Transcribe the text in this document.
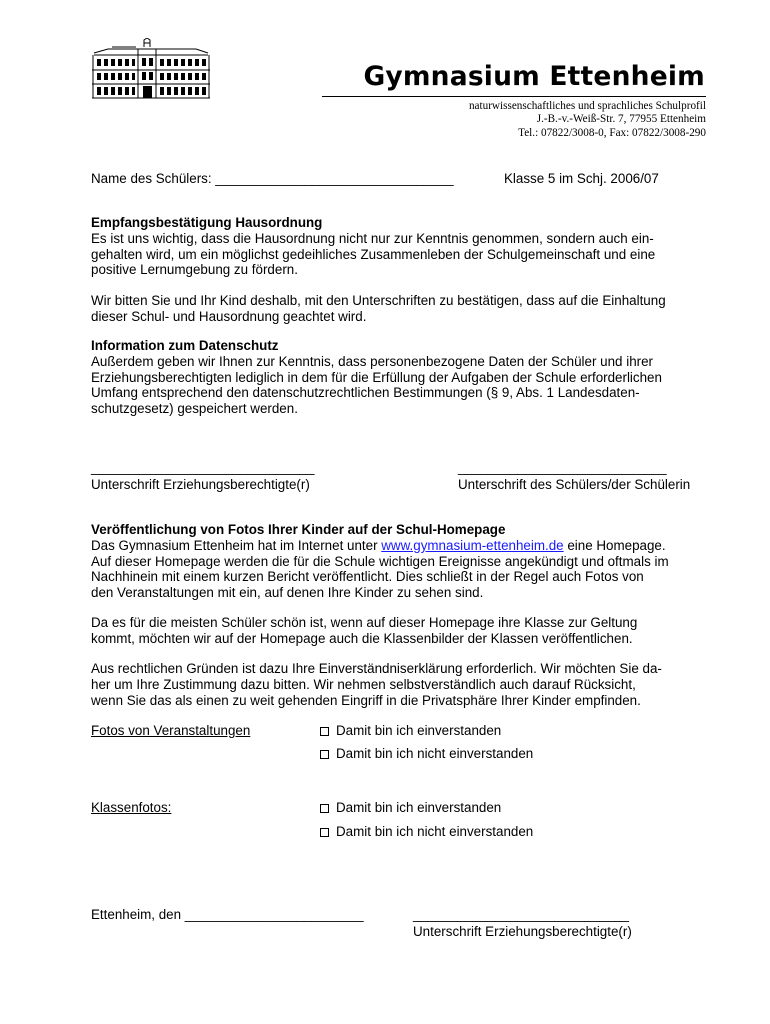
Gymnasium Ettenheim
naturwissenschaftliches und sprachliches Schulprofil
J.-B.-v.-Weiß-Str. 7, 77955 Ettenheim
Tel.: 07822/3008-0, Fax: 07822/3008-290
Name des Schülers: ________________________________	Klasse 5 im Schj. 2006/07
Empfangsbestätigung Hausordnung
Es ist uns wichtig, dass die Hausordnung nicht nur zur Kenntnis genommen, sondern auch ein-
gehalten wird, um ein möglichst gedeihliches Zusammenleben der Schulgemeinschaft und eine
positive Lernumgebung zu fördern.
Wir bitten Sie und Ihr Kind deshalb, mit den Unterschriften zu bestätigen, dass auf die Einhaltung
dieser Schul- und Hausordnung geachtet wird.
Information zum Datenschutz
Außerdem geben wir Ihnen zur Kenntnis, dass personenbezogene Daten der Schüler und ihrer
Erziehungsberechtigten lediglich in dem für die Erfüllung der Aufgaben der Schule erforderlichen
Umfang entsprechend den datenschutzrechtlichen Bestimmungen (§ 9, Abs. 1 Landesdaten-
schutzgesetz) gespeichert werden.
______________________________
Unterschrift Erziehungsberechtigte(r)
____________________________
Unterschrift des Schülers/der Schülerin
Veröffentlichung von Fotos Ihrer Kinder auf der Schul-Homepage
Das Gymnasium Ettenheim hat im Internet unter www.gymnasium-ettenheim.de eine Homepage.
Auf dieser Homepage werden die für die Schule wichtigen Ereignisse angekündigt und oftmals im
Nachhinein mit einem kurzen Bericht veröffentlicht. Dies schließt in der Regel auch Fotos von
den Veranstaltungen mit ein, auf denen Ihre Kinder zu sehen sind.
Da es für die meisten Schüler schön ist, wenn auf dieser Homepage ihre Klasse zur Geltung
kommt, möchten wir auf der Homepage auch die Klassenbilder der Klassen veröffentlichen.
Aus rechtlichen Gründen ist dazu Ihre Einverständniserklärung erforderlich. Wir möchten Sie da-
her um Ihre Zustimmung dazu bitten. Wir nehmen selbstverständlich auch darauf Rücksicht,
wenn Sie das als einen zu weit gehenden Eingriff in die Privatsphäre Ihrer Kinder empfinden.
Fotos von Veranstaltungen	Damit bin ich einverstanden
Damit bin ich nicht einverstanden
Klassenfotos:	Damit bin ich einverstanden
Damit bin ich nicht einverstanden
Ettenheim, den ________________________	_____________________________
Unterschrift Erziehungsberechtigte(r)
